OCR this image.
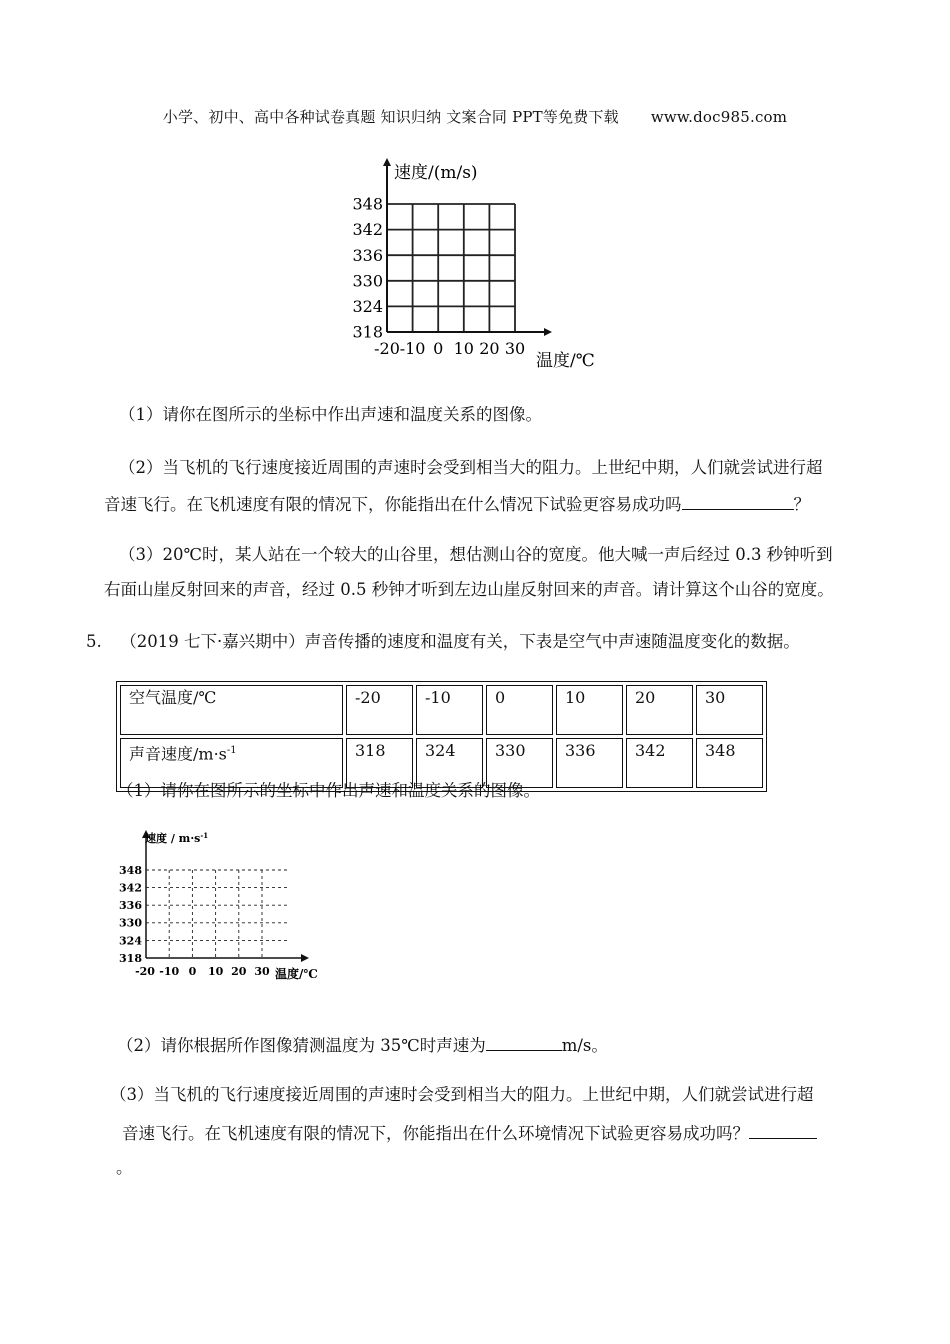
小学、初中、高中各种试卷真题 知识归纳 文案合同 PPT等免费下载 www.doc985.com
318
324
330
336
342
348
-20 -10 0 10 20 30
速度/(m/s)
温度/℃
（1）请你在图所示的坐标中作出声速和温度关系的图像。
（2）当飞机的飞行速度接近周围的声速时会受到相当大的阻力。上世纪中期，人们就尝试进行超
音速飞行。在飞机速度有限的情况下，你能指出在什么情况下试验更容易成功吗	？
（3）20℃时，某人站在一个较大的山谷里，想估测山谷的宽度。他大喊一声后经过 0.3 秒钟听到
右面山崖反射回来的声音，经过 0.5 秒钟才听到左边山崖反射回来的声音。请计算这个山谷的宽度。
5. （2019 七下·嘉兴期中）声音传播的速度和温度有关，下表是空气中声速随温度变化的数据。
空气温度/℃	-20	-10	0	10	20	30
声音速度$/m\cdot s^{-1}$	318	324	330	336	342	348
（1）请你在图所示的坐标中作出声速和温度关系的图像。
318
324
330
336
342
348
-20 -10 0 10 20 30
速度 / $m\cdot s^{-1}$
温度/℃
（2）请你根据所作图像猜测温度为 35℃时声速为	m/s。
（3）当飞机的飞行速度接近周围的声速时会受到相当大的阻力。上世纪中期，人们就尝试进行超
音速飞行。在飞机速度有限的情况下，你能指出在什么环境情况下试验更容易成功吗？
。
